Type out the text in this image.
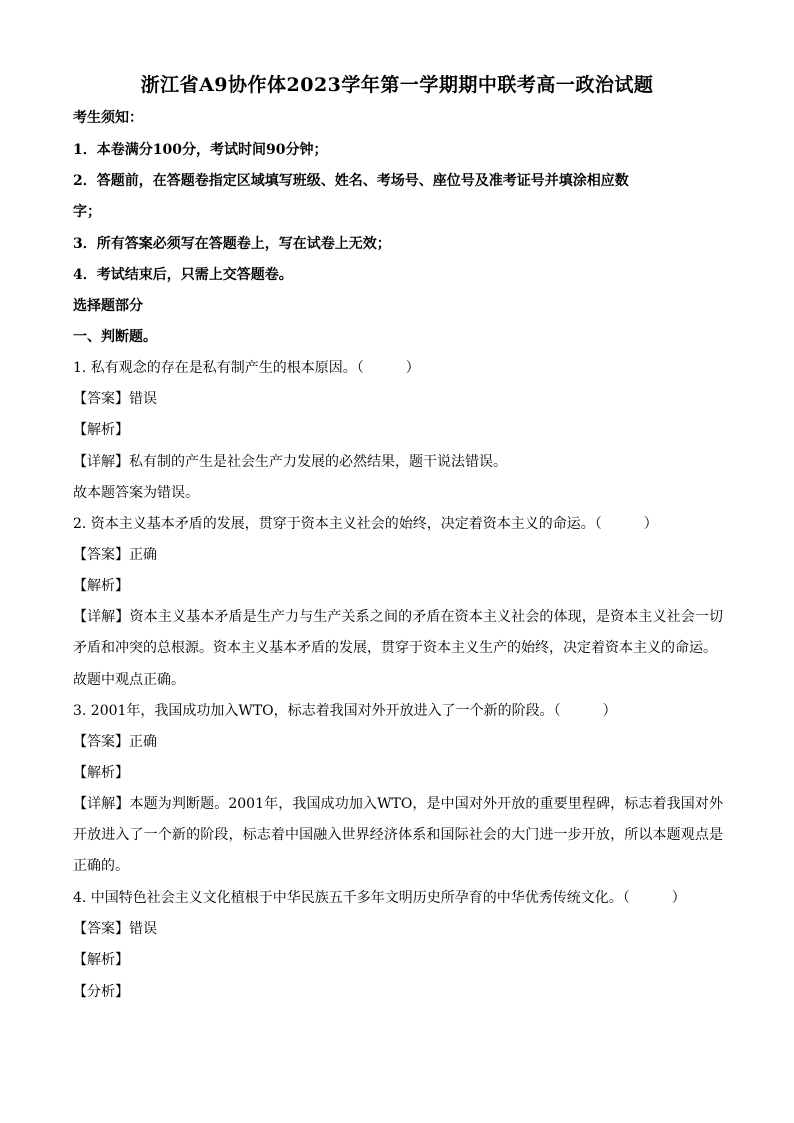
浙江省A9协作体2023学年第一学期期中联考高一政治试题
考生须知：
1．本卷满分100分，考试时间90分钟；
2．答题前，在答题卷指定区域填写班级、姓名、考场号、座位号及准考证号并填涂相应数
字；
3．所有答案必须写在答题卷上，写在试卷上无效；
4．考试结束后，只需上交答题卷。
选择题部分
一、判断题。
1. 私有观念的存在是私有制产生的根本原因。（　　　）
【答案】错误
【解析】
【详解】私有制的产生是社会生产力发展的必然结果，题干说法错误。
故本题答案为错误。
2. 资本主义基本矛盾的发展，贯穿于资本主义社会的始终，决定着资本主义的命运。（　　　）
【答案】正确
【解析】
【详解】资本主义基本矛盾是生产力与生产关系之间的矛盾在资本主义社会的体现，是资本主义社会一切矛盾和冲突的总根源。资本主义基本矛盾的发展，贯穿于资本主义生产的始终，决定着资本主义的命运。
故题中观点正确。
3. 2001年，我国成功加入WTO，标志着我国对外开放进入了一个新的阶段。（　　　）
【答案】正确
【解析】
【详解】本题为判断题。2001年，我国成功加入WTO，是中国对外开放的重要里程碑，标志着我国对外开放进入了一个新的阶段，标志着中国融入世界经济体系和国际社会的大门进一步开放，所以本题观点是正确的。
4. 中国特色社会主义文化植根于中华民族五千多年文明历史所孕育的中华优秀传统文化。（　　　）
【答案】错误
【解析】
【分析】
